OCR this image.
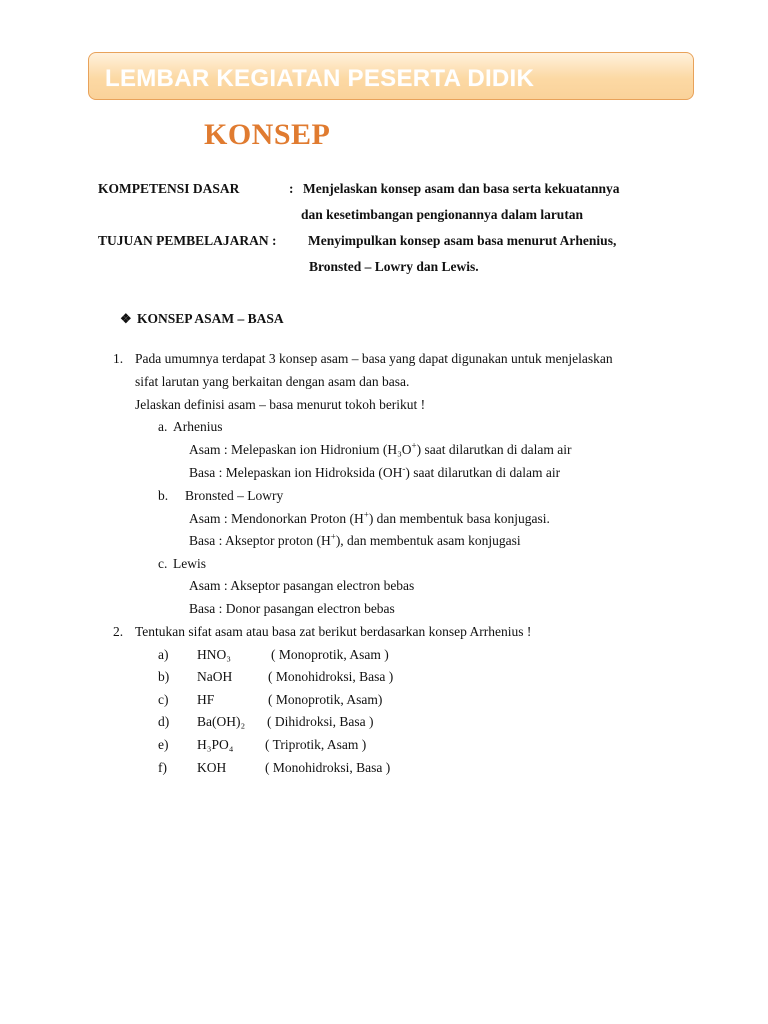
LEMBAR KEGIATAN PESERTA DIDIK
KONSEP
KOMPETENSI DASAR	: Menjelaskan konsep asam dan basa serta kekuatannya
dan kesetimbangan pengionannya dalam larutan
TUJUAN PEMBELAJARAN : Menyimpulkan konsep asam basa menurut Arhenius,
Bronsted – Lowry dan Lewis.
❖ KONSEP ASAM – BASA
1. Pada umumnya terdapat 3 konsep asam – basa yang dapat digunakan untuk menjelaskan
sifat larutan yang berkaitan dengan asam dan basa.
Jelaskan definisi asam – basa menurut tokoh berikut !
a. Arhenius
Asam : Melepaskan ion Hidronium (H₃O+) saat dilarutkan di dalam air
Basa : Melepaskan ion Hidroksida (OH-) saat dilarutkan di dalam air
b. Bronsted – Lowry
Asam : Mendonorkan Proton (H+) dan membentuk basa konjugasi.
Basa : Akseptor proton (H+), dan membentuk asam konjugasi
c. Lewis
Asam : Akseptor pasangan electron bebas
Basa : Donor pasangan electron bebas
2. Tentukan sifat asam atau basa zat berikut berdasarkan konsep Arrhenius !
a) HNO₃	( Monoprotik, Asam )
b) NaOH	( Monohidroksi, Basa )
c) HF	( Monoprotik, Asam)
d) Ba(OH)₂ ( Dihidroksi, Basa )
e) H₃PO₄ ( Triprotik, Asam )
f) KOH	( Monohidroksi, Basa )
